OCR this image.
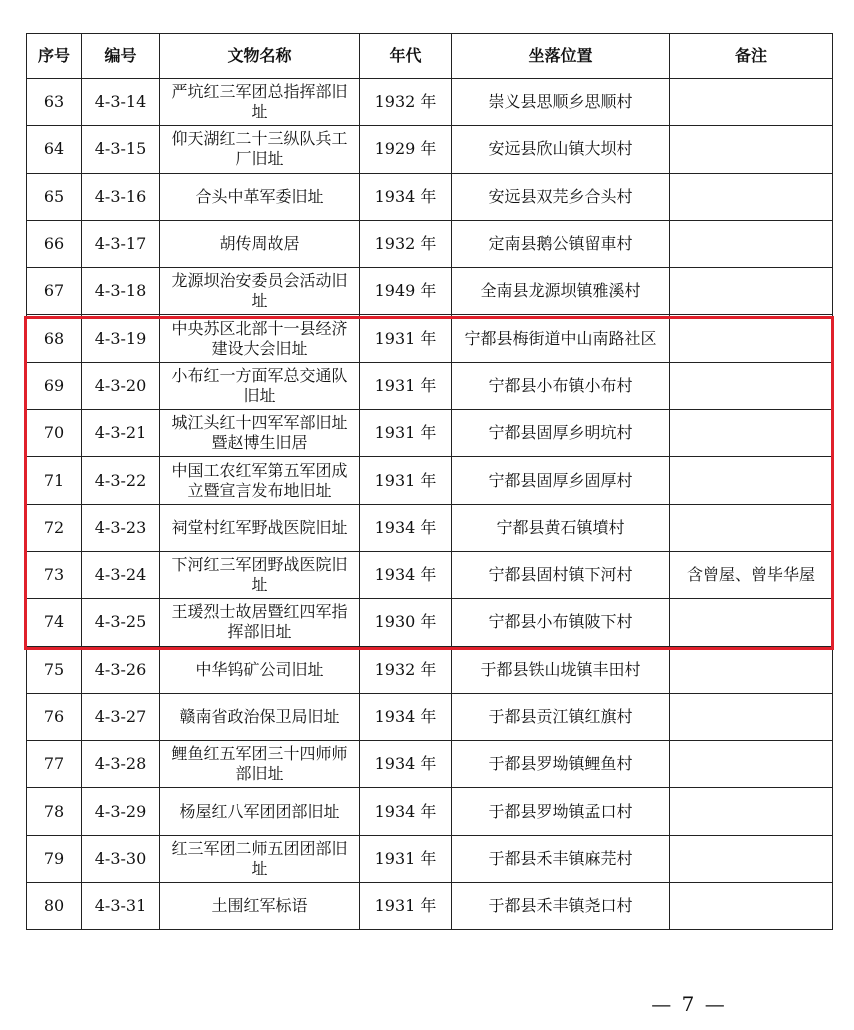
序号	编号	文物名称	年代	坐落位置	备注
63	4-3-14	严坑红三军团总指挥部旧址	1932 年	崇义县思顺乡思顺村	
64	4-3-15	仰天湖红二十三纵队兵工厂旧址	1929 年	安远县欣山镇大坝村	
65	4-3-16	合头中革军委旧址	1934 年	安远县双芫乡合头村	
66	4-3-17	胡传周故居	1932 年	定南县鹅公镇留車村	
67	4-3-18	龙源坝治安委员会活动旧址	1949 年	全南县龙源坝镇雅溪村	
68	4-3-19	中央苏区北部十一县经济建设大会旧址	1931 年	宁都县梅街道中山南路社区	
69	4-3-20	小布红一方面军总交通队旧址	1931 年	宁都县小布镇小布村	
70	4-3-21	城江头红十四军军部旧址暨赵博生旧居	1931 年	宁都县固厚乡明坑村	
71	4-3-22	中国工农红军第五军团成立暨宣言发布地旧址	1931 年	宁都县固厚乡固厚村	
72	4-3-23	祠堂村红军野战医院旧址	1934 年	宁都县黄石镇墳村	
73	4-3-24	下河红三军团野战医院旧址	1934 年	宁都县固村镇下河村	含曾屋、曾毕华屋
74	4-3-25	王瑗烈士故居暨红四军指挥部旧址	1930 年	宁都县小布镇陂下村	
75	4-3-26	中华钨矿公司旧址	1932 年	于都县铁山垅镇丰田村	
76	4-3-27	赣南省政治保卫局旧址	1934 年	于都县贡江镇红旗村	
77	4-3-28	鲤鱼红五军团三十四师师部旧址	1934 年	于都县罗坳镇鲤鱼村	
78	4-3-29	杨屋红八军团团部旧址	1934 年	于都县罗坳镇孟口村	
79	4-3-30	红三军团二师五团团部旧址	1931 年	于都县禾丰镇麻芫村	
80	4-3-31	土围红军标语	1931 年	于都县禾丰镇尧口村	
— 7 —
